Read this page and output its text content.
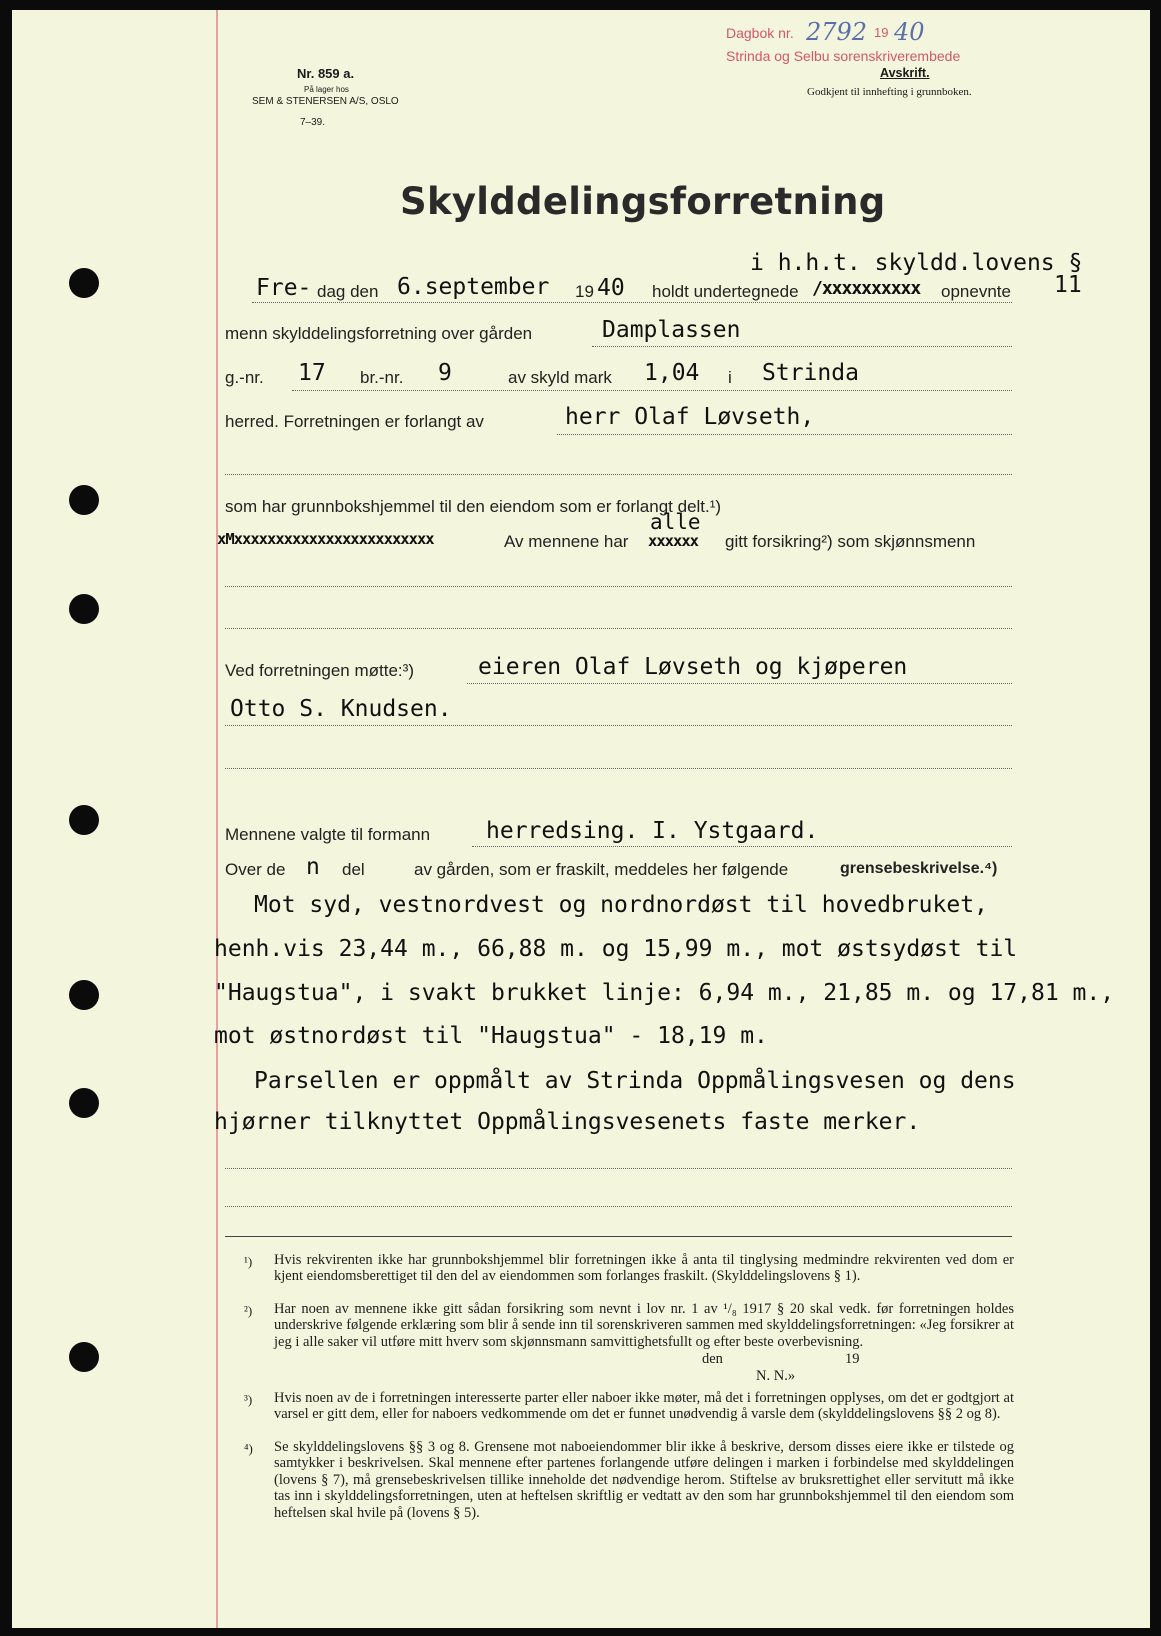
Nr. 859 a.
På lager hos
SEM & STENERSEN A/S, OSLO
7–39.
Dagbok nr. 2792 19 40
Strinda og Selbu sorenskriverembede
Avskrift.
Godkjent til innhefting i grunnboken.
Skylddelingsforretning
i h.h.t. skyldd.lovens §
11
Fre- dag den 6.september 19 40 holdt undertegnede /xxxxxxxxxx opnevnte
menn skylddelingsforretning over gården	Damplassen
g.-nr. 17 br.-nr. 9	av skyld mark 1,04 i Strinda
herred. Forretningen er forlangt av	herr Olaf Løvseth,
som har grunnbokshjemmel til den eiendom som er forlangt delt.¹)
xMxxxxxxxxxxxxxxxxxxxxxxxx	Av mennene har
alle
xxxxxx gitt forsikring²) som skjønnsmenn
Ved forretningen møtte:³)	eieren Olaf Løvseth og kjøperen
Otto S. Knudsen.
Mennene valgte til formann herredsing. I. Ystgaard.
Over de n del	av gården, som er fraskilt, meddeles her følgende	grensebeskrivelse.⁴)
Mot syd, vestnordvest og nordnordøst til hovedbruket,
henh.vis 23,44 m., 66,88 m. og 15,99 m., mot østsydøst til
"Haugstua", i svakt brukket linje: 6,94 m., 21,85 m. og 17,81 m.,
mot østnordøst til "Haugstua" - 18,19 m.
Parsellen er oppmålt av Strinda Oppmålingsvesen og dens
hjørner tilknyttet Oppmålingsvesenets faste merker.
¹) Hvis rekvirenten ikke har grunnbokshjemmel blir forretningen ikke å anta til tinglysing medmindre rekvirenten ved dom er kjent eiendomsberettiget til den del av eiendommen som forlanges fraskilt. (Skylddelingslovens § 1).
²) Har noen av mennene ikke gitt sådan forsikring som nevnt i lov nr. 1 av ¹/₈ 1917 § 20 skal vedk. før forretningen holdes underskrive følgende erklæring som blir å sende inn til sorenskriveren sammen med skylddelingsforretningen: «Jeg forsikrer at jeg i alle saker vil utføre mitt hverv som skjønnsmann samvittighetsfullt og efter beste overbevisning.
den	19
N. N.»
³) Hvis noen av de i forretningen interesserte parter eller naboer ikke møter, må det i forretningen opplyses, om det er godtgjort at varsel er gitt dem, eller for naboers vedkommende om det er funnet unødvendig å varsle dem (skylddelingslovens §§ 2 og 8).
⁴) Se skylddelingslovens §§ 3 og 8. Grensene mot naboeiendommer blir ikke å beskrive, dersom disses eiere ikke er tilstede og samtykker i beskrivelsen. Skal mennene efter partenes forlangende utføre delingen i marken i forbindelse med skylddelingen (lovens § 7), må grensebeskrivelsen tillike inneholde det nødvendige herom. Stiftelse av bruksrettighet eller servitutt må ikke tas inn i skylddelingsforretningen, uten at heftelsen skriftlig er vedtatt av den som har grunnbokshjemmel til den eiendom som heftelsen skal hvile på (lovens § 5).
